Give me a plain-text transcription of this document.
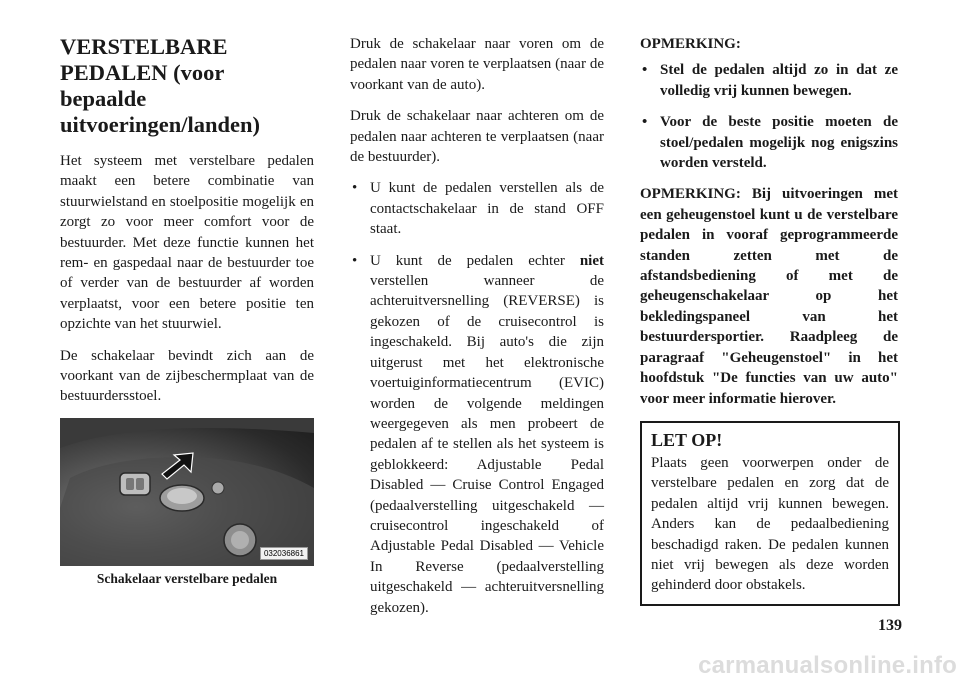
VERSTELBARE PEDALEN (voor bepaalde uitvoeringen/landen)

Het systeem met verstelbare pedalen maakt een betere combinatie van stuurwielstand en stoelpositie mogelijk en zorgt zo voor meer comfort voor de bestuurder. Met deze functie kunnen het rem- en gaspedaal naar de bestuurder toe of verder van de bestuurder af worden verplaatst, voor een betere positie ten opzichte van het stuurwiel.

De schakelaar bevindt zich aan de voorkant van de zijbeschermplaat van de bestuurdersstoel.

032036861
Schakelaar verstelbare pedalen

Druk de schakelaar naar voren om de pedalen naar voren te verplaatsen (naar de voorkant van de auto).

Druk de schakelaar naar achteren om de pedalen naar achteren te verplaatsen (naar de bestuurder).

• U kunt de pedalen verstellen als de contactschakelaar in de stand OFF staat.
• U kunt de pedalen echter niet verstellen wanneer de achteruitversnelling (REVERSE) is gekozen of de cruisecontrol is ingeschakeld. Bij auto's die zijn uitgerust met het elektronische voertuiginformatiecentrum (EVIC) worden de volgende meldingen weergegeven als men probeert de pedalen af te stellen als het systeem is geblokkeerd: Adjustable Pedal Disabled — Cruise Control Engaged (pedaalverstelling uitgeschakeld — cruisecontrol ingeschakeld of Adjustable Pedal Disabled — Vehicle In Reverse (pedaalverstelling uitgeschakeld — achteruitversnelling gekozen).
OPMERKING:
• Stel de pedalen altijd zo in dat ze volledig vrij kunnen bewegen.
• Voor de beste positie moeten de stoel/pedalen mogelijk nog enigszins worden versteld.

OPMERKING: Bij uitvoeringen met een geheugenstoel kunt u de verstelbare pedalen in vooraf geprogrammeerde standen zetten met de afstandsbediening of met de geheugenschakelaar op het bekledingspaneel van het bestuurdersportier. Raadpleeg de paragraaf "Geheugenstoel" in het hoofdstuk "De functies van uw auto" voor meer informatie hierover.

LET OP!

Plaats geen voorwerpen onder de verstelbare pedalen en zorg dat de pedalen altijd vrij kunnen bewegen. Anders kan de pedaalbediening beschadigd raken. De pedalen kunnen niet vrij bewegen als deze worden gehinderd door obstakels.

139
carmanualsonline.info
